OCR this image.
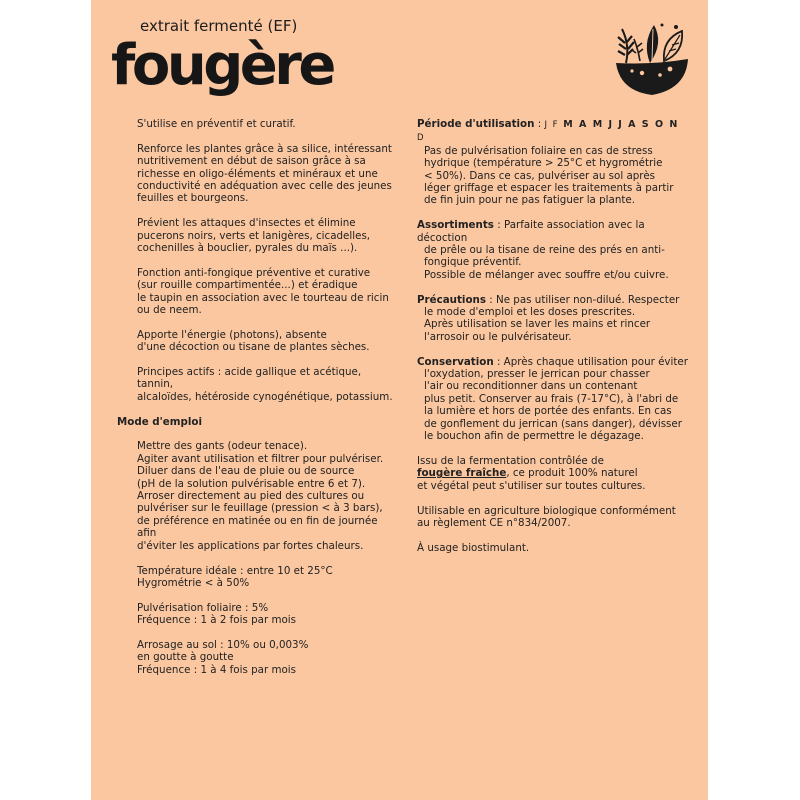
extrait fermenté (EF)
fougère

S'utilise en préventif et curatif.

Renforce les plantes grâce à sa silice, intéressant

nutritivement en début de saison grâce à sa

richesse en oligo-éléments et minéraux et une

conductivité en adéquation avec celle des jeunes

feuilles et bourgeons.

Prévient les attaques d'insectes et élimine

pucerons noirs, verts et lanigères, cicadelles,

cochenilles à bouclier, pyrales du maïs ...).

Fonction anti-fongique préventive et curative

(sur rouille compartimentée...) et éradique

le taupin en association avec le tourteau de ricin

ou de neem.

Apporte l'énergie (photons), absente

d'une décoction ou tisane de plantes sèches.

Principes actifs : acide gallique et acétique, tannin,

alcaloïdes, hétéroside cynogénétique, potassium.

Mode d'emploi

Mettre des gants (odeur tenace).

Agiter avant utilisation et filtrer pour pulvériser.

Diluer dans de l'eau de pluie ou de source

(pH de la solution pulvérisable entre 6 et 7).

Arroser directement au pied des cultures ou

pulvériser sur le feuillage (pression < à 3 bars),

de préférence en matinée ou en fin de journée afin

d'éviter les applications par fortes chaleurs.

Température idéale : entre 10 et 25°C

Hygrométrie < à 50%

Pulvérisation foliaire : 5%

Fréquence : 1 à 2 fois par mois

Arrosage au sol : 10% ou 0,003%

en goutte à goutte

Fréquence : 1 à 4 fois par mois

Période d'utilisation : J F M A M J J A S O N D

Pas de pulvérisation foliaire en cas de stress

hydrique (température > 25°C et hygrométrie

< 50%). Dans ce cas, pulvériser au sol après

léger griffage et espacer les traitements à partir

de fin juin pour ne pas fatiguer la plante.

Assortiments : Parfaite association avec la décoction

de prêle ou la tisane de reine des prés en anti-

fongique préventif.

Possible de mélanger avec souffre et/ou cuivre.

Précautions : Ne pas utiliser non-dilué. Respecter

le mode d'emploi et les doses prescrites.

Après utilisation se laver les mains et rincer

l'arrosoir ou le pulvérisateur.

Conservation : Après chaque utilisation pour éviter

l'oxydation, presser le jerrican pour chasser

l'air ou reconditionner dans un contenant

plus petit. Conserver au frais (7-17°C), à l'abri de

la lumière et hors de portée des enfants. En cas

de gonflement du jerrican (sans danger), dévisser

le bouchon afin de permettre le dégazage.

Issu de la fermentation contrôlée de

fougère fraîche, ce produit 100% naturel

et végétal peut s'utiliser sur toutes cultures.

Utilisable en agriculture biologique conformément

au règlement CE n°834/2007.

À usage biostimulant.
